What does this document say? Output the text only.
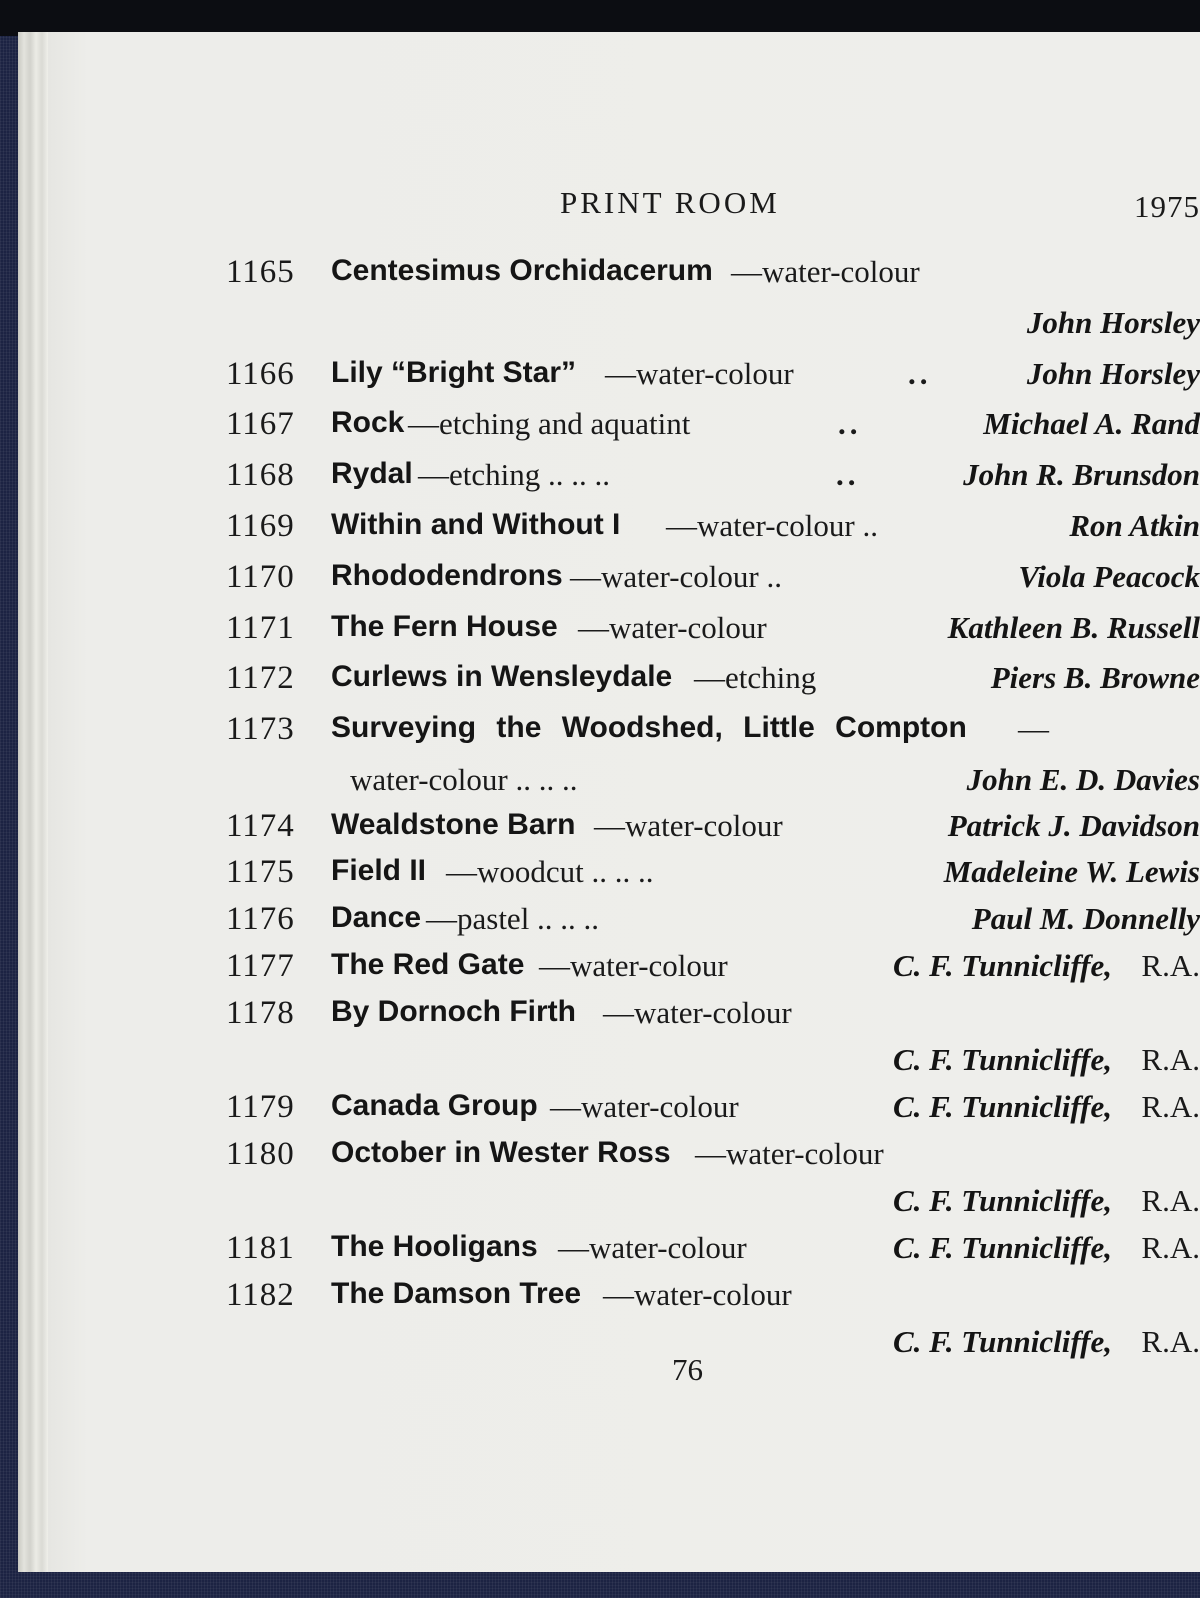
PRINT ROOM	1975
1165 Centesimus Orchidacerum —water-colour
John Horsley
1166 Lily “Bright Star” —water-colour	..	John Horsley
1167 Rock —etching and aquatint	..	Michael A. Rand
1168 Rydal —etching .. .. ..	..	John R. Brunsdon
1169 Within and Without I —water-colour ..	Ron Atkin
1170 Rhododendrons —water-colour ..	Viola Peacock
1171 The Fern House —water-colour	Kathleen B. Russell
1172 Curlews in Wensleydale —etching	Piers B. Browne
1173 Surveying the Woodshed, Little Compton —
water-colour .. .. ..	John E. D. Davies
1174 Wealdstone Barn —water-colour	Patrick J. Davidson
1175 Field II —woodcut .. .. ..	Madeleine W. Lewis
1176 Dance —pastel .. .. ..	Paul M. Donnelly
1177 The Red Gate —water-colour	C. F. Tunnicliffe, R.A.
1178 By Dornoch Firth —water-colour
C. F. Tunnicliffe, R.A.
1179 Canada Group —water-colour	C. F. Tunnicliffe, R.A.
1180 October in Wester Ross —water-colour
C. F. Tunnicliffe, R.A.
1181 The Hooligans —water-colour	C. F. Tunnicliffe, R.A.
1182 The Damson Tree —water-colour
C. F. Tunnicliffe, R.A.
76
